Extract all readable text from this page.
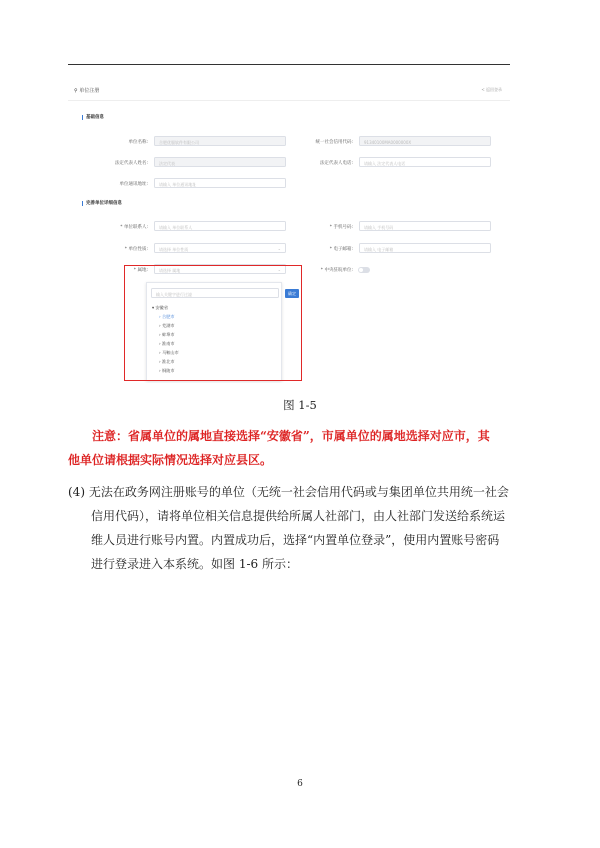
⚲ 单位注册	< 返回登录
基础信息
单位名称:	合肥优服软件有限公司	统一社会信用代码:	91340100MA0000000X
法定代表人姓名:	法定代表	法定代表人电话:	请输入 法定代表人电话
单位通讯地址:	请输入 单位通讯地址
完善单位详细信息
* 单位联系人:	请输入 单位联系人	* 手机号码:	请输入 手机号码
* 单位性质:	请选择 单位性质	⌄	* 电子邮箱:	请输入 电子邮箱
* 属地:	请选择 属地	⌄	* 中央驻皖单位:
输入关键字进行过滤
▾ 安徽省
› 合肥市
› 芜湖市
› 蚌埠市
› 淮南市
› 马鞍山市
› 淮北市
› 铜陵市
确定
图 1-5
注意：省属单位的属地直接选择“安徽省”，市属单位的属地选择对应市，其
他单位请根据实际情况选择对应县区。
(4) 无法在政务网注册账号的单位（无统一社会信用代码或与集团单位共用统一社会
信用代码），请将单位相关信息提供给所属人社部门，由人社部门发送给系统运
维人员进行账号内置。内置成功后，选择“内置单位登录”，使用内置账号密码
进行登录进入本系统。如图 1-6 所示：
6
